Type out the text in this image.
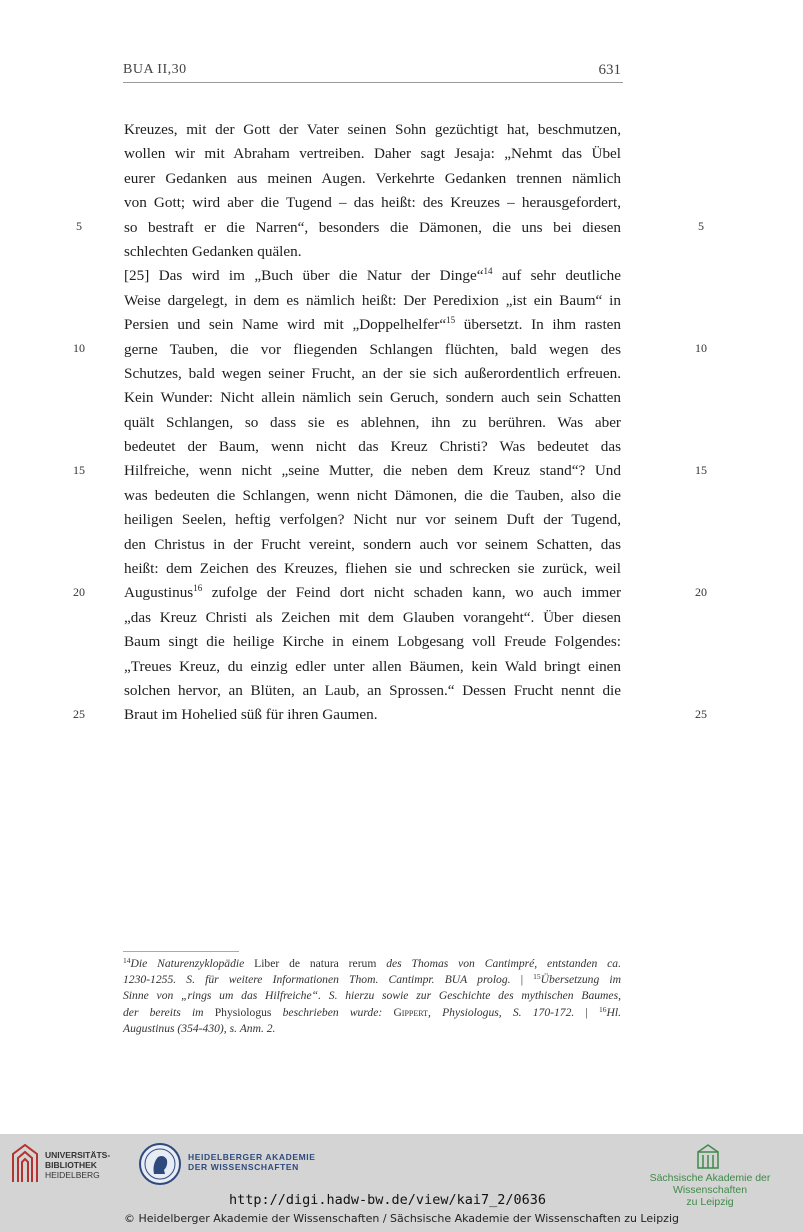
BUA II,30	631
Kreuzes, mit der Gott der Vater seinen Sohn gezüchtigt hat, beschmutzen,
wollen wir mit Abraham vertreiben. Daher sagt Jesaja: „Nehmt das Übel
eurer Gedanken aus meinen Augen. Verkehrte Gedanken trennen nämlich
von Gott; wird aber die Tugend – das heißt: des Kreuzes – herausgefordert,
so bestraft er die Narren“, besonders die Dämonen, die uns bei diesen
schlechten Gedanken quälen.
[25] Das wird im „Buch über die Natur der Dinge“$^{14}$ auf sehr deutliche
Weise dargelegt, in dem es nämlich heißt: Der Peredixion „ist ein Baum“ in
Persien und sein Name wird mit „Doppelhelfer“$^{15}$ übersetzt. In ihm rasten
gerne Tauben, die vor fliegenden Schlangen flüchten, bald wegen des
Schutzes, bald wegen seiner Frucht, an der sie sich außerordentlich erfreuen.
Kein Wunder: Nicht allein nämlich sein Geruch, sondern auch sein Schatten
quält Schlangen, so dass sie es ablehnen, ihn zu berühren. Was aber
bedeutet der Baum, wenn nicht das Kreuz Christi? Was bedeutet das
Hilfreiche, wenn nicht „seine Mutter, die neben dem Kreuz stand“? Und
was bedeuten die Schlangen, wenn nicht Dämonen, die die Tauben, also die
heiligen Seelen, heftig verfolgen? Nicht nur vor seinem Duft der Tugend,
den Christus in der Frucht vereint, sondern auch vor seinem Schatten, das
heißt: dem Zeichen des Kreuzes, fliehen sie und schrecken sie zurück, weil
Augustinus$^{16}$ zufolge der Feind dort nicht schaden kann, wo auch immer
„das Kreuz Christi als Zeichen mit dem Glauben vorangeht“. Über diesen
Baum singt die heilige Kirche in einem Lobgesang voll Freude Folgendes:
„Treues Kreuz, du einzig edler unter allen Bäumen, kein Wald bringt einen
solchen hervor, an Blüten, an Laub, an Sprossen.“ Dessen Frucht nennt die
Braut im Hohelied süß für ihren Gaumen.
5	5
10	10
15	15
20	20
25	25
$^{14}$Die Naturenzyklopädie Liber de natura rerum des Thomas von Cantimpré, entstanden ca.
1230-1255. S. für weitere Informationen Thom. Cantimpr. BUA prolog. | $^{15}$Übersetzung im
Sinne von „rings um das Hilfreiche“. S. hierzu sowie zur Geschichte des mythischen Baumes,
der bereits im Physiologus beschrieben wurde: Gippert, Physiologus, S. 170-172. | $^{16}$Hl.
Augustinus (354-430), s. Anm. 2.
UNIVERSITÄTS-
BIBLIOTHEK
HEIDELBERG
HEIDELBERGER AKADEMIE
DER WISSENSCHAFTEN
Sächsische Akademie der Wissenschaften
zu Leipzig
http://digi.hadw-bw.de/view/kai7_2/0636
© Heidelberger Akademie der Wissenschaften / Sächsische Akademie der Wissenschaften zu Leipzig
